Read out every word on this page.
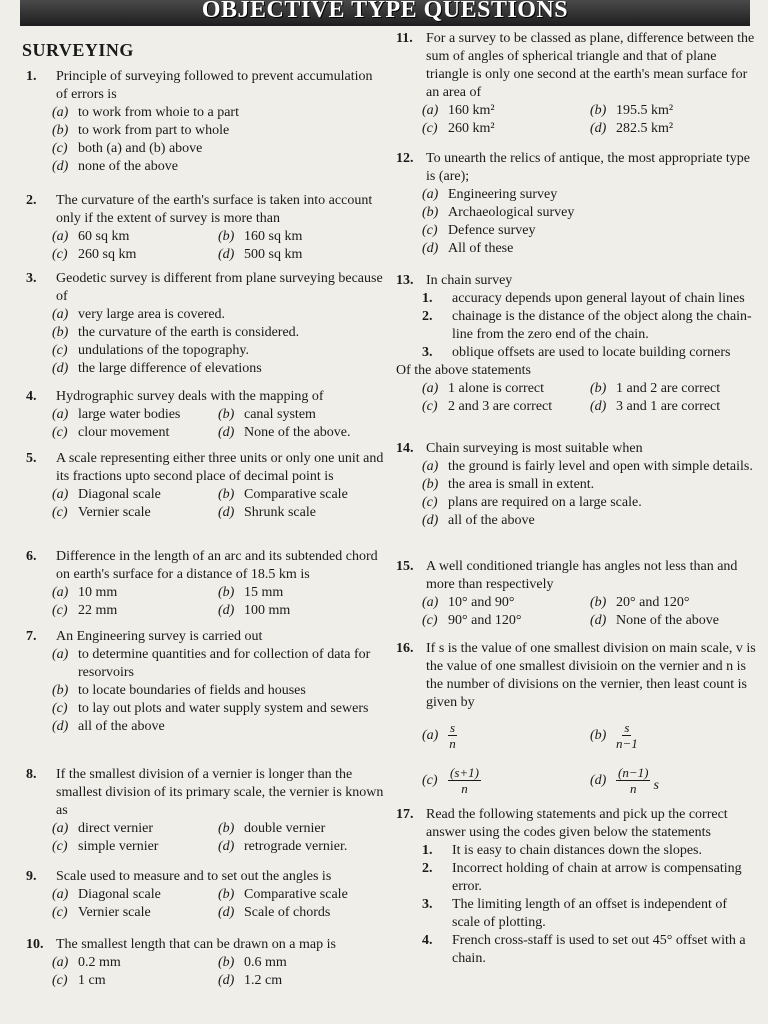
OBJECTIVE TYPE QUESTIONS
SURVEYING
1.	Principle of surveying followed to prevent accumulation of errors is
(a) to work from whoie to a part
(b) to work from part to whole
(c) both (a) and (b) above
(d) none of the above
2.	The curvature of the earth's surface is taken into account only if the extent of survey is more than
(a) 60 sq km	(b) 160 sq km
(c) 260 sq km	(d) 500 sq km
3.	Geodetic survey is different from plane surveying because of
(a) very large area is covered.
(b) the curvature of the earth is considered.
(c) undulations of the topography.
(d) the large difference of elevations
4.	Hydrographic survey deals with the mapping of
(a) large water bodies	(b) canal system
(c) clour movement	(d) None of the above.
5.	A scale representing either three units or only one unit and its fractions upto second place of decimal point is
(a) Diagonal scale	(b) Comparative scale
(c) Vernier scale	(d) Shrunk scale
6.	Difference in the length of an arc and its subtended chord on earth's surface for a distance of 18.5 km is
(a) 10 mm	(b) 15 mm
(c) 22 mm	(d) 100 mm
7.	An Engineering survey is carried out
(a) to determine quantities and for collection of data for resorvoirs
(b) to locate boundaries of fields and houses
(c) to lay out plots and water supply system and sewers
(d) all of the above
8.	If the smallest division of a vernier is longer than the smallest division of its primary scale, the vernier is known as
(a) direct vernier	(b) double vernier
(c) simple vernier	(d) retrograde vernier.
9.	Scale used to measure and to set out the angles is
(a) Diagonal scale	(b) Comparative scale
(c) Vernier scale	(d) Scale of chords
10. The smallest length that can be drawn on a map is
(a) 0.2 mm	(b) 0.6 mm
(c) 1 cm	(d) 1.2 cm
11. For a survey to be classed as plane, difference between the sum of angles of spherical triangle and that of plane triangle is only one second at the earth's mean surface for an area of
(a) 160 km²	(b) 195.5 km²
(c) 260 km²	(d) 282.5 km²
12. To unearth the relics of antique, the most appropriate type is (are);
(a) Engineering survey
(b) Archaeological survey
(c) Defence survey
(d) All of these
13. In chain survey
1.	accuracy depends upon general layout of chain lines
2.	chainage is the distance of the object along the chain-line from the zero end of the chain.
3.	oblique offsets are used to locate building corners
Of the above statements
(a) 1 alone is correct	(b) 1 and 2 are correct
(c) 2 and 3 are correct	(d) 3 and 1 are correct
14. Chain surveying is most suitable when
(a) the ground is fairly level and open with simple details.
(b) the area is small in extent.
(c) plans are required on a large scale.
(d) all of the above
15. A well conditioned triangle has angles not less than and more than respectively
(a) 10° and 90°	(b) 20° and 120°
(c) 90° and 120°	(d) None of the above
16. If s is the value of one smallest division on main scale, v is the value of one smallest divisioin on the vernier and n is the number of divisions on the vernier, then least count is given by
$(a) \frac{s}{n}$	$(b) \frac{s}{n-1}$
$(c) \frac{(s+1)}{n}$	$(d) \frac{(n-1)}{n}$ s
17. Read the following statements and pick up the correct answer using the codes given below the statements
1.	It is easy to chain distances down the slopes.
2.	Incorrect holding of chain at arrow is compensating error.
3.	The limiting length of an offset is independent of scale of plotting.
4.	French cross-staff is used to set out 45° offset with a chain.
